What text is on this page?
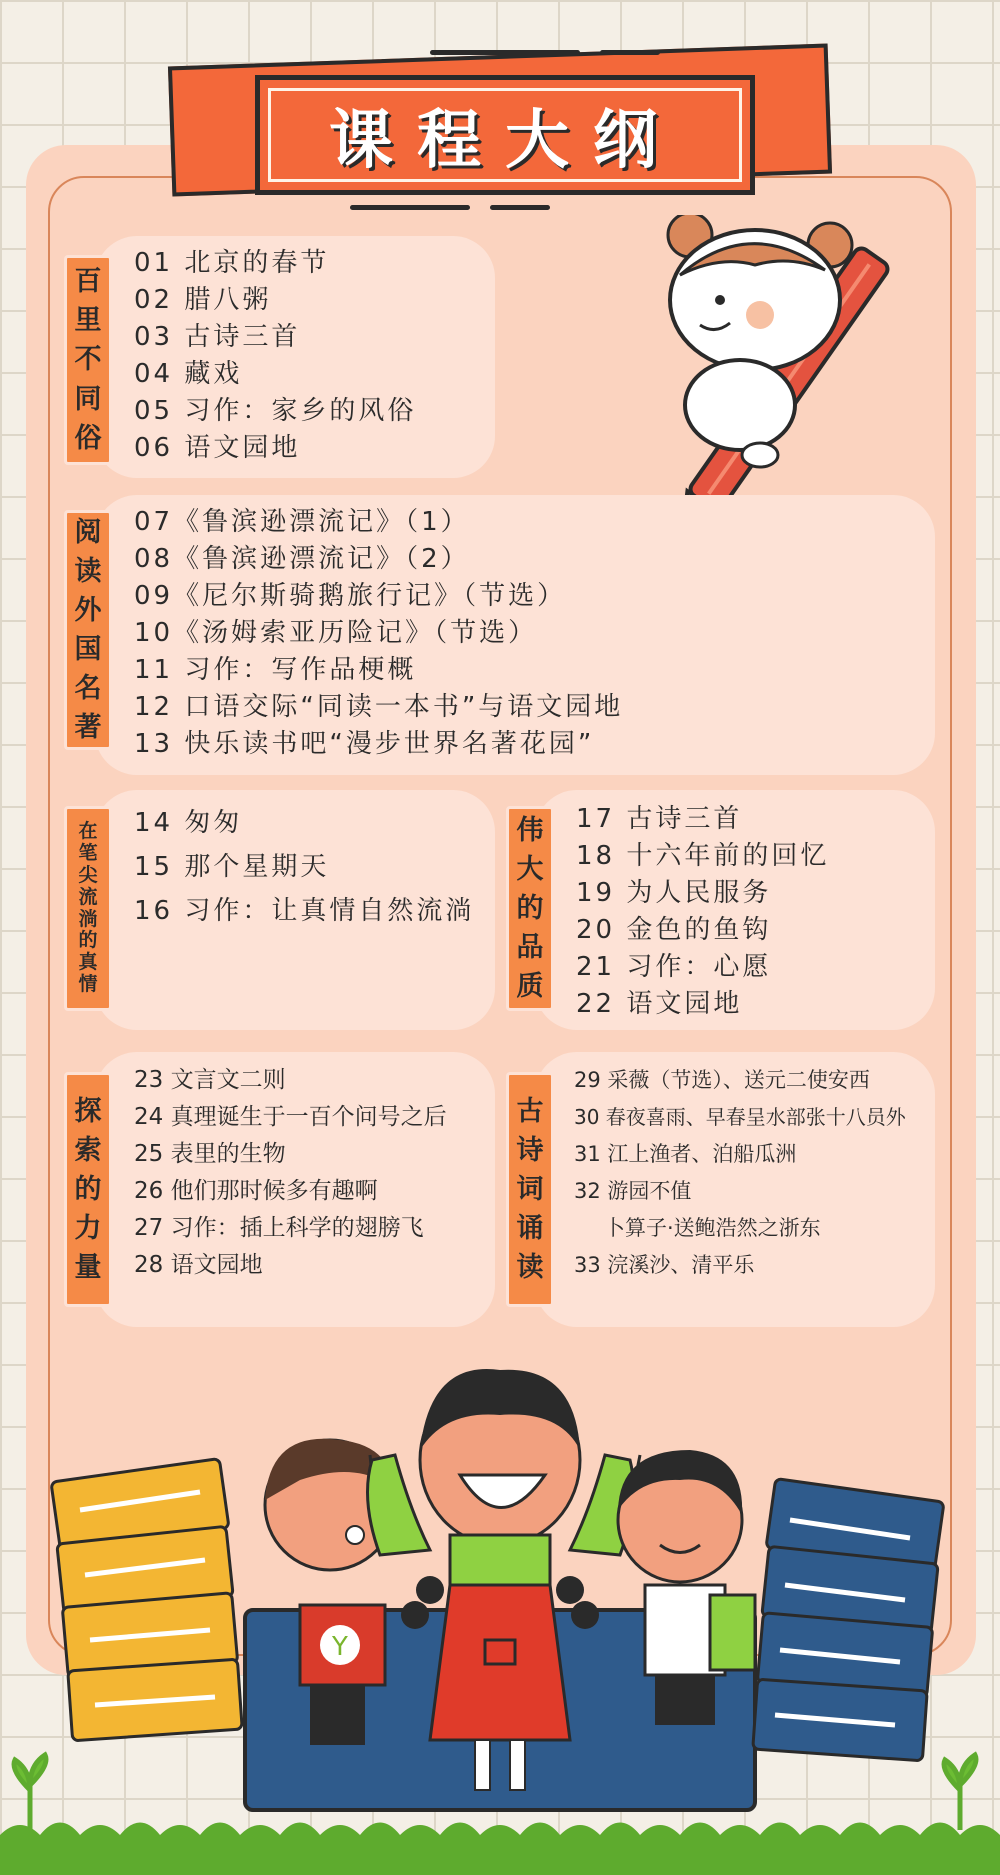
课程大纲
百
里
不
同
俗
01 北京的春节
02 腊八粥
03 古诗三首
04 藏戏
05 习作：家乡的风俗
06 语文园地
阅
读
外
国
名
著
07《鲁滨逊漂流记》（1）
08《鲁滨逊漂流记》（2）
09《尼尔斯骑鹅旅行记》（节选）
10《汤姆索亚历险记》（节选）
11 习作：写作品梗概
12 口语交际“同读一本书”与语文园地
13 快乐读书吧“漫步世界名著花园”
在
笔
尖
流
淌
的
真
情
14 匆匆
15 那个星期天
16 习作：让真情自然流淌
伟
大
的
品
质
17 古诗三首
18 十六年前的回忆
19 为人民服务
20 金色的鱼钩
21 习作：心愿
22 语文园地
探
索
的
力
量
23 文言文二则
24 真理诞生于一百个问号之后
25 表里的生物
26 他们那时候多有趣啊
27 习作：插上科学的翅膀飞
28 语文园地
古
诗
词
诵
读
29 采薇（节选）、送元二使安西
30 春夜喜雨、早春呈水部张十八员外
31 江上渔者、泊船瓜洲
32 游园不值
卜算子·送鲍浩然之浙东
33 浣溪沙、清平乐
Y
